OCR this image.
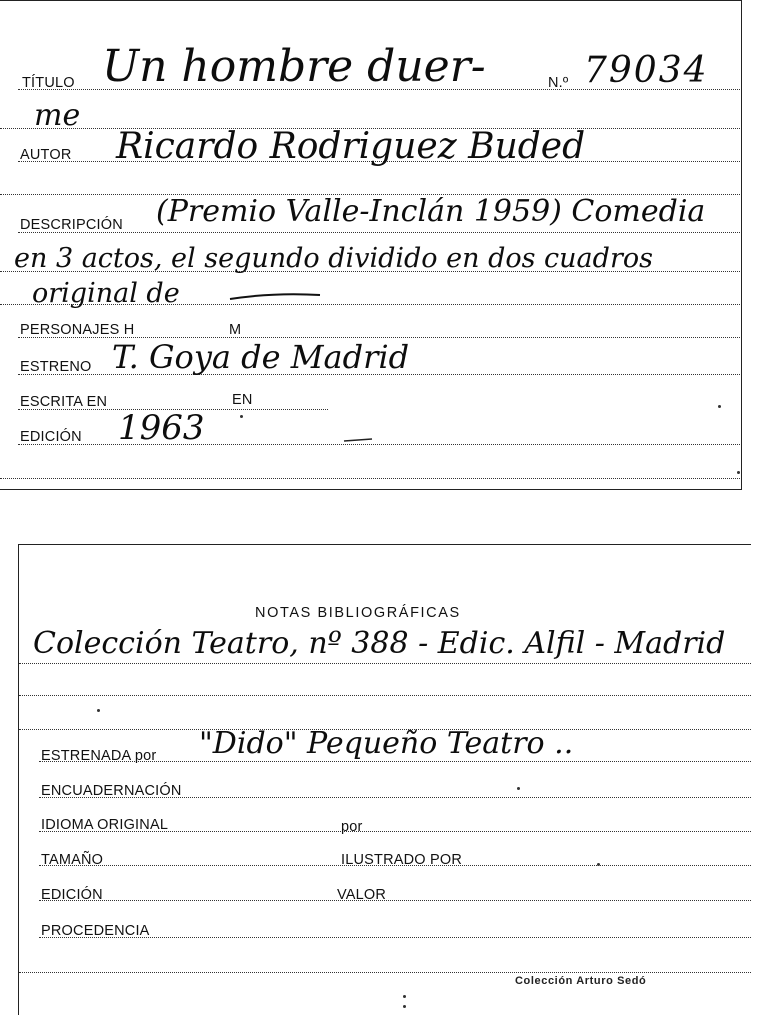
TÍTULO Un hombre duer-	N.º 79034
me
AUTOR Ricardo Rodriguez Buded
DESCRIPCIÓN (Premio Valle-Inclán 1959) Comedia
en 3 actos, el segundo dividido en dos cuadros
original de
PERSONAJES H	M
ESTRENO T. Goya de Madrid
ESCRITA EN	EN
EDICIÓN 1963
NOTAS BIBLIOGRÁFICAS
Colección Teatro, nº 388 - Edic. Alfil - Madrid
ESTRENADA por "Dido" Pequeño Teatro ..
ENCUADERNACIÓN
IDIOMA ORIGINAL	por
TAMAÑO	ILUSTRADO POR
EDICIÓN	VALOR
PROCEDENCIA
Colección Arturo Sedó
